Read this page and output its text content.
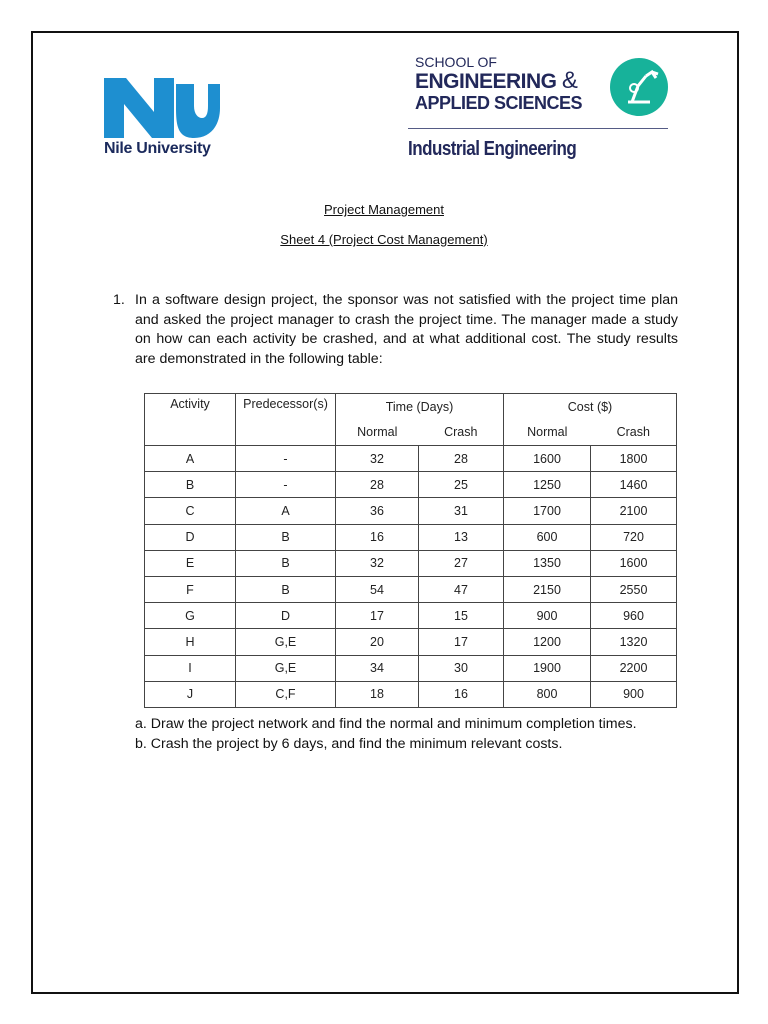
Nile University
SCHOOL OF
ENGINEERING &
APPLIED SCIENCES
Industrial Engineering
Project Management
Sheet 4 (Project Cost Management)
1. In a software design project, the sponsor was not satisfied with the project time plan and asked the project manager to crash the project time. The manager made a study on how can each activity be crashed, and at what additional cost. The study results are demonstrated in the following table:
Activity	Predecessor(s)	Time (Days)		Cost ($)	
		Normal	Crash	Normal	Crash
A	-	32	28	1600	1800
B	-	28	25	1250	1460
C	A	36	31	1700	2100
D	B	16	13	600	720
E	B	32	27	1350	1600
F	B	54	47	2150	2550
G	D	17	15	900	960
H	G,E	20	17	1200	1320
I	G,E	34	30	1900	2200
J	C,F	18	16	800	900
a. Draw the project network and find the normal and minimum completion times.
b. Crash the project by 6 days, and find the minimum relevant costs.
